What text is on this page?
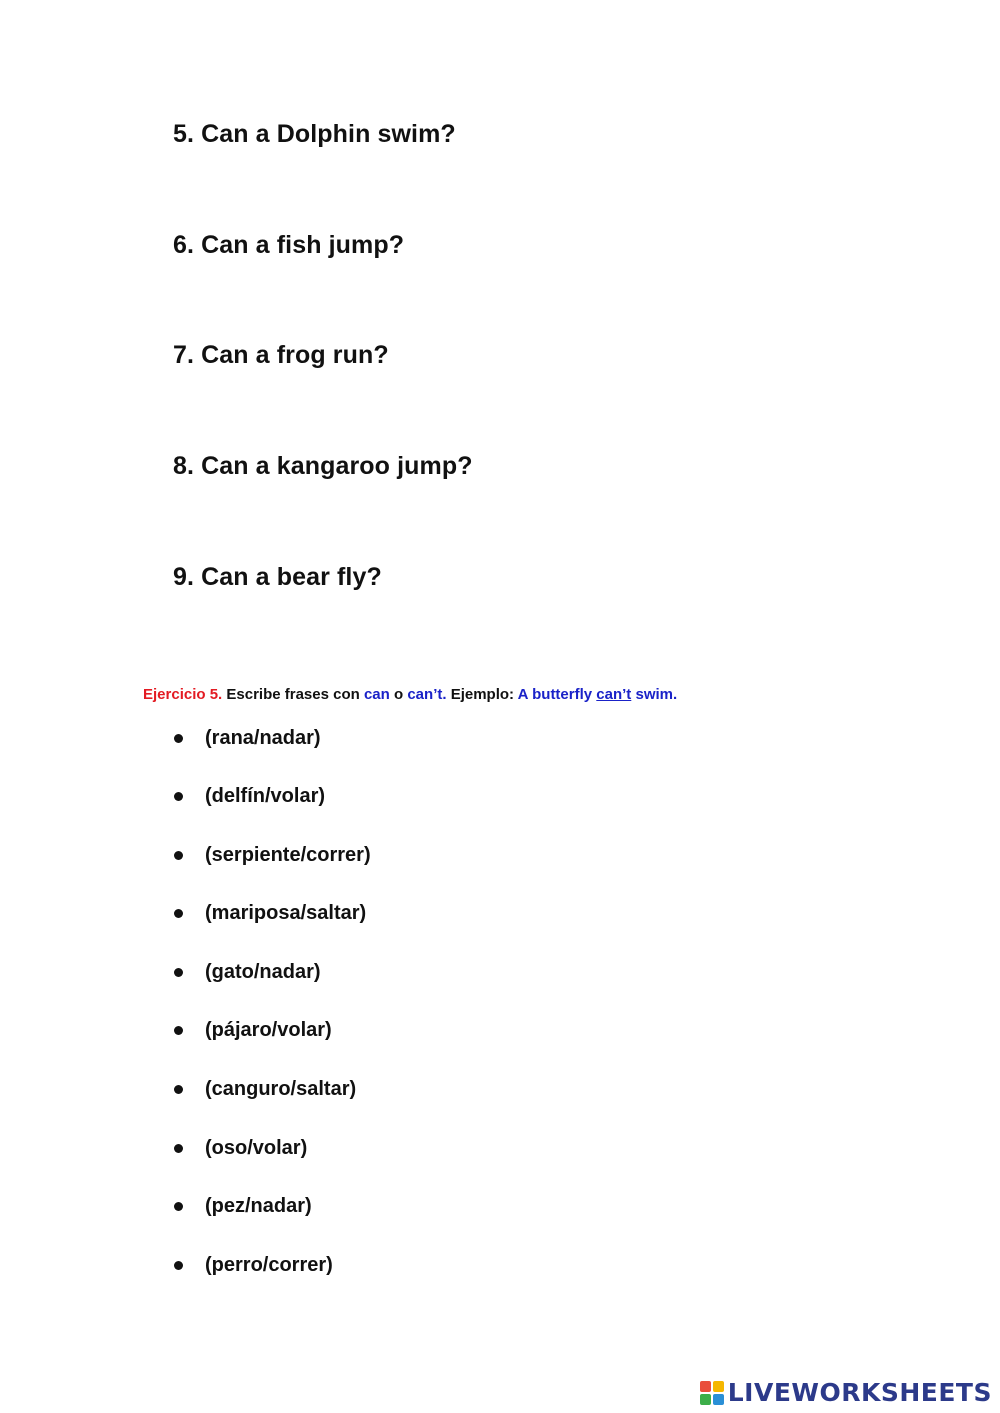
5. Can a Dolphin swim?
6. Can a fish jump?
7. Can a frog run?
8. Can a kangaroo jump?
9. Can a bear fly?
Ejercicio 5. Escribe frases con can o can’t. Ejemplo: A butterfly can’t swim.
(rana/nadar)
(delfín/volar)
(serpiente/correr)
(mariposa/saltar)
(gato/nadar)
(pájaro/volar)
(canguro/saltar)
(oso/volar)
(pez/nadar)
(perro/correr)
LIVEWORKSHEETS
